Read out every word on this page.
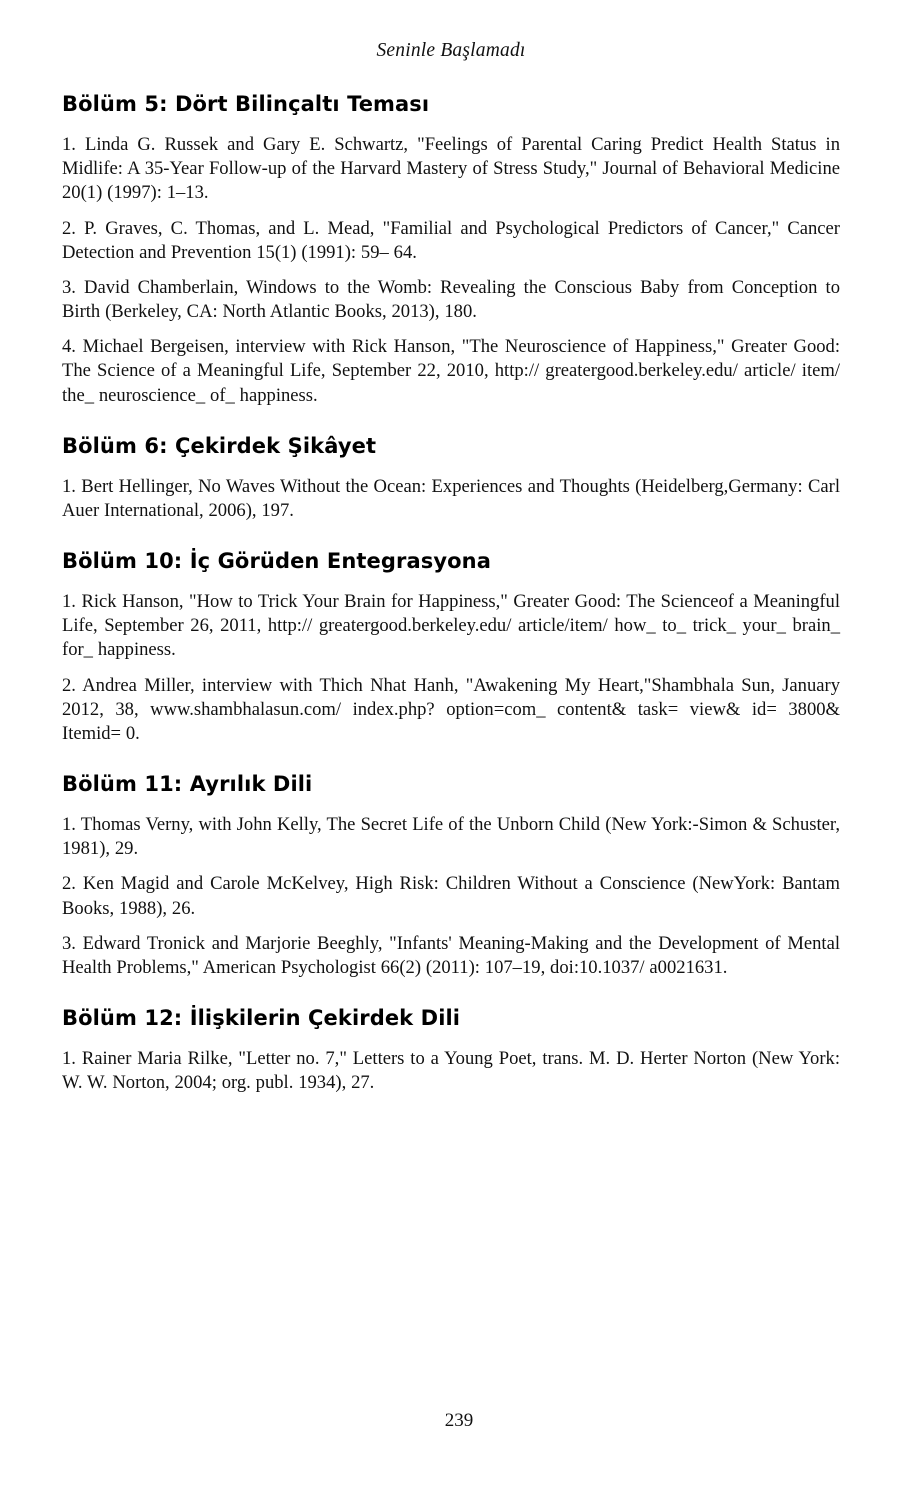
Seninle Başlamadı
Bölüm 5: Dört Bilinçaltı Teması

1. Linda G. Russek and Gary E. Schwartz, "Feelings of Parental Caring Predict Health Status in Midlife: A 35-Year Follow-up of the Harvard Mastery of Stress Study," Journal of Behavioral Medicine 20(1) (1997): 1–13.

2. P. Graves, C. Thomas, and L. Mead, "Familial and Psychological Predictors of Cancer," Cancer Detection and Prevention 15(1) (1991): 59– 64.

3. David Chamberlain, Windows to the Womb: Revealing the Conscious Baby from Conception to Birth (Berkeley, CA: North Atlantic Books, 2013), 180.

4. Michael Bergeisen, interview with Rick Hanson, "The Neuroscience of Happiness," Greater Good: The Science of a Meaningful Life, September 22, 2010, http:// greatergood.berkeley.edu/ article/ item/ the_ neuroscience_ of_ happiness.

Bölüm 6: Çekirdek Şikâyet

1. Bert Hellinger, No Waves Without the Ocean: Experiences and Thoughts (Heidelberg,Germany: Carl Auer International, 2006), 197.

Bölüm 10: İç Görüden Entegrasyona

1. Rick Hanson, "How to Trick Your Brain for Happiness," Greater Good: The Scienceof a Meaningful Life, September 26, 2011, http:// greatergood.berkeley.edu/ article/item/ how_ to_ trick_ your_ brain_ for_ happiness.

2. Andrea Miller, interview with Thich Nhat Hanh, "Awakening My Heart,"Shambhala Sun, January 2012, 38, www.shambhalasun.com/ index.php? option=com_ content& task= view& id= 3800& Itemid= 0.

Bölüm 11: Ayrılık Dili

1. Thomas Verny, with John Kelly, The Secret Life of the Unborn Child (New York:-Simon & Schuster, 1981), 29.

2. Ken Magid and Carole McKelvey, High Risk: Children Without a Conscience (NewYork: Bantam Books, 1988), 26.

3. Edward Tronick and Marjorie Beeghly, "Infants' Meaning-Making and the Development of Mental Health Problems," American Psychologist 66(2) (2011): 107–19, doi:10.1037/ a0021631.

Bölüm 12: İlişkilerin Çekirdek Dili

1. Rainer Maria Rilke, "Letter no. 7," Letters to a Young Poet, trans. M. D. Herter Norton (New York: W. W. Norton, 2004; org. publ. 1934), 27.

239
